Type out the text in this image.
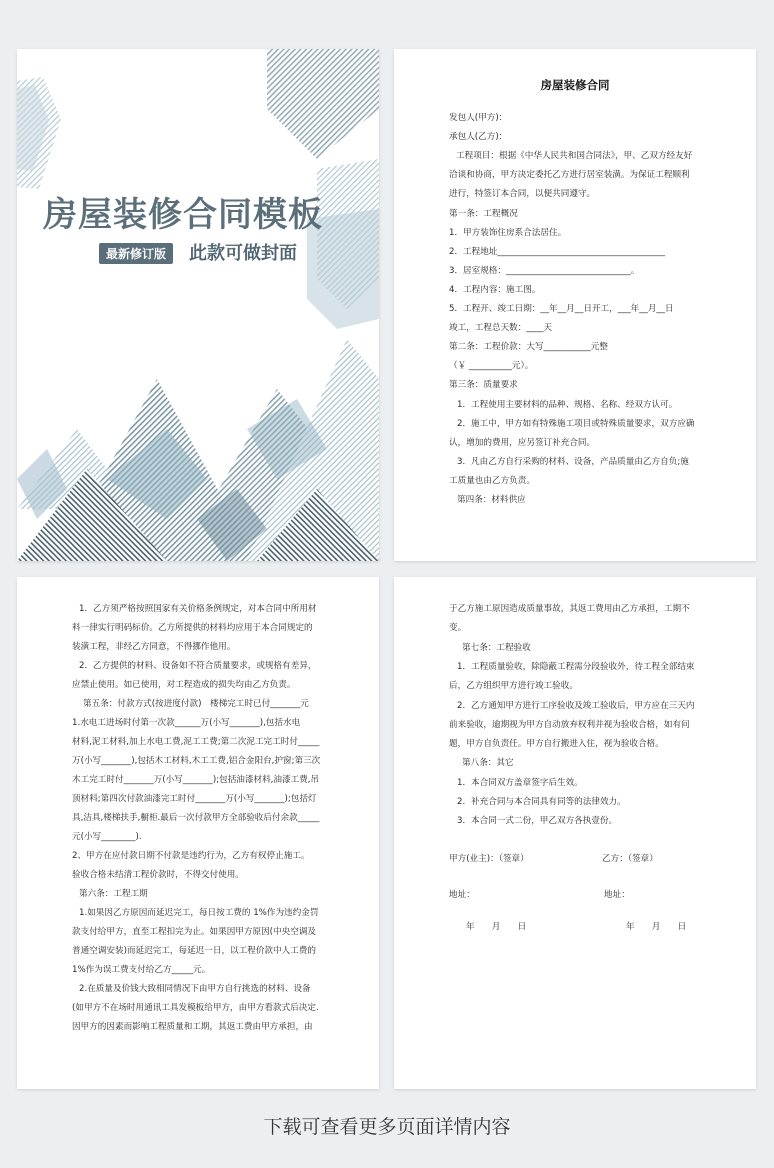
房屋装修合同模板
最新修订版	此款可做封面
房屋装修合同
发包人(甲方)：
承包人(乙方)：
工程项目：根据《中华人民共和国合同法》，甲、乙双方经友好
洽谈和协商，甲方决定委托乙方进行居室装潢。为保证工程顺利
进行，特签订本合同，以便共同遵守。
第一条：工程概况
1．甲方装饰住房系合法居住。
2．工程地址_______________________________________
3．居室规格：_____________________________。
4．工程内容：施工图。
5．工程开、竣工日期：__年__月__日开工，___年__月__日
竣工，工程总天数：____天
第二条：工程价款：大写___________元整
（￥ __________元）。
第三条：质量要求
1．工程使用主要材料的品种、规格、名称、经双方认可。
2．施工中，甲方如有特殊施工项目或特殊质量要求，双方应确
认，增加的费用，应另签订补充合同。
3．凡由乙方自行采购的材料、设备，产品质量由乙方自负;施
工质量也由乙方负责。
第四条：材料供应
1．乙方须严格按照国家有关价格条例规定，对本合同中所用材
料一律实行明码标价。乙方所提供的材料均应用于本合同规定的
装潢工程，非经乙方同意，不得挪作他用。
2．乙方提供的材料、设备如不符合质量要求，或规格有差异，
应禁止使用。如已使用，对工程造成的损失均由乙方负责。
第五条：付款方式(按进度付款)　楼梯完工时已付_______元
1.水电工进场时付第一次款______万(小写_______),包括水电
材料,泥工材料,加上水电工费,泥工工费;第二次泥工完工时付_____
万(小写_______),包括木工材料,木工工费,铝合金阳台,护窗;第三次
木工完工时付_______万(小写_______);包括油漆材料,油漆工费,吊
顶材料;第四次付款油漆完工时付_______万(小写_______);包括灯
具,洁具,楼梯扶手,橱柜.最后一次付款甲方全部验收后付余款_____
元(小写________).
2、甲方在应付款日期不付款是违约行为，乙方有权停止施工。
验收合格未结清工程价款时，不得交付使用。
第六条：工程工期
1.如果因乙方原因而延迟完工，每日按工费的 1%作为违约金罚
款支付给甲方，直至工程扣完为止。如果因甲方原因(中央空调及
普通空调安装)而延迟完工，每延迟一日，以工程价款中人工费的
1%作为误工费支付给乙方_____元。
2.在质量及价钱大致相同情况下由甲方自行挑选的材料、设备
(如甲方不在场时用通讯工具发模板给甲方，由甲方看款式后决定.
因甲方的因素而影响工程质量和工期，其返工费由甲方承担，由
于乙方施工原因造成质量事故，其返工费用由乙方承担，工期不
变。
第七条：工程验收
1．工程质量验收，除隐蔽工程需分段验收外，待工程全部结束
后，乙方组织甲方进行竣工验收。
2．乙方通知甲方进行工序验收及竣工验收后，甲方应在三天内
前来验收，逾期视为甲方自动放弃权利并视为验收合格，如有问
题，甲方自负责任。甲方自行搬进入住，视为验收合格。
第八条：其它
1．本合同双方盖章签字后生效。
2．补充合同与本合同具有同等的法律效力。
3．本合同一式二份，甲乙双方各执壹份。
甲方(业主)：（签章）
地址：
年　　月　　日
乙方：（签章）
地址：
年　　月　　日
下载可查看更多页面详情内容
